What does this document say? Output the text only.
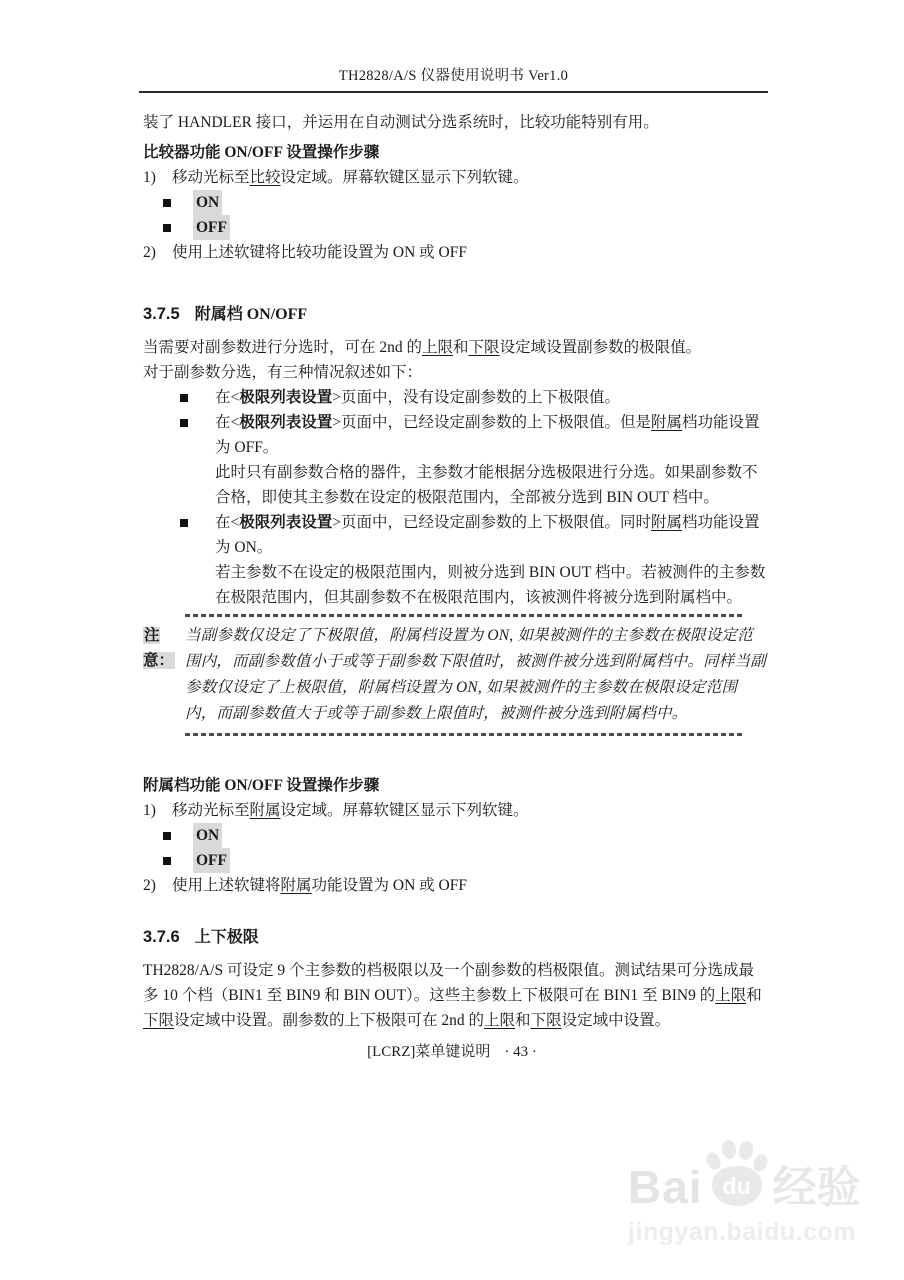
TH2828/A/S 仪器使用说明书 Ver1.0

装了 HANDLER 接口，并运用在自动测试分选系统时，比较功能特别有用。

比较器功能 ON/OFF 设置操作步骤

1)	移动光标至比较设定域。屏幕软键区显示下列软键。
ON
OFF
2)	使用上述软键将比较功能设置为 ON 或 OFF
3.7.5 附属档 ON/OFF

当需要对副参数进行分选时，可在 2nd 的上限和下限设定域设置副参数的极限值。

对于副参数分选，有三种情况叙述如下：

在<极限列表设置>页面中，没有设定副参数的上下极限值。
在<极限列表设置>页面中，已经设定副参数的上下极限值。但是附属档功能设置为 OFF。

此时只有副参数合格的器件，主参数才能根据分选极限进行分选。如果副参数不合格，即使其主参数在设定的极限范围内，全部被分选到 BIN OUT 档中。

在<极限列表设置>页面中，已经设定副参数的上下极限值。同时附属档功能设置为 ON。

若主参数不在设定的极限范围内，则被分选到 BIN OUT 档中。若被测件的主参数在极限范围内，但其副参数不在极限范围内，该被测件将被分选到附属档中。

注意：
当副参数仅设定了下极限值，附属档设置为 ON, 如果被测件的主参数在极限设定范围内，而副参数值小于或等于副参数下限值时，被测件被分选到附属档中。同样当副参数仅设定了上极限值，附属档设置为 ON, 如果被测件的主参数在极限设定范围内，而副参数值大于或等于副参数上限值时，被测件被分选到附属档中。

附属档功能 ON/OFF 设置操作步骤

1)	移动光标至附属设定域。屏幕软键区显示下列软键。
ON
OFF
2)	使用上述软键将附属功能设置为 ON 或 OFF
3.7.6 上下极限

TH2828/A/S 可设定 9 个主参数的档极限以及一个副参数的档极限值。测试结果可分选成最多 10 个档（BIN1 至 BIN9 和 BIN OUT）。这些主参数上下极限可在 BIN1 至 BIN9 的上限和下限设定域中设置。副参数的上下极限可在 2nd 的上限和下限设定域中设置。

[LCRZ]菜单键说明 · 43 ·
Bai du 经验
jingyan.baidu.com
